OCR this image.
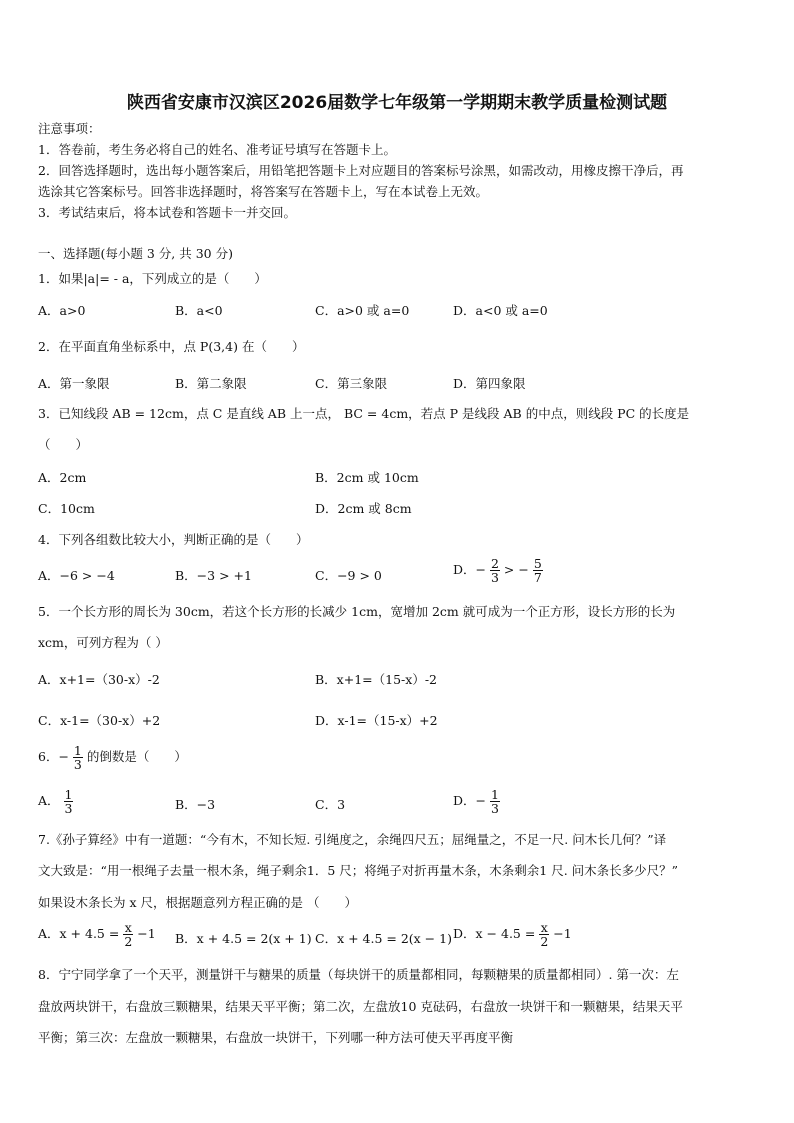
陕西省安康市汉滨区2026届数学七年级第一学期期末教学质量检测试题
注意事项：
1．答卷前，考生务必将自己的姓名、准考证号填写在答题卡上。
2．回答选择题时，选出每小题答案后，用铅笔把答题卡上对应题目的答案标号涂黑，如需改动，用橡皮擦干净后，再
选涂其它答案标号。回答非选择题时，将答案写在答题卡上，写在本试卷上无效。
3．考试结束后，将本试卷和答题卡一并交回。
一、选择题(每小题 3 分, 共 30 分)
1．如果|a|= - a，下列成立的是（　　）
A．a>0	B．a<0	C．a>0 或 a=0	D．a<0 或 a=0
2．在平面直角坐标系中，点 P(3,4) 在（　　）
A．第一象限	B．第二象限	C．第三象限	D．第四象限
3．已知线段 AB = 12cm，点 C 是直线 AB 上一点， BC = 4cm，若点 P 是线段 AB 的中点，则线段 PC 的长度是
（　　）
A．2cm	B．2cm 或 10cm
C．10cm	D．2cm 或 8cm
4．下列各组数比较大小，判断正确的是（　　）
A．−6 > −4	B．−3 > +1	C．−9 > 0	D．− $\frac{2}{3}$ > − $\frac{5}{7}$
5．一个长方形的周长为 30cm，若这个长方形的长减少 1cm，宽增加 2cm 就可成为一个正方形，设长方形的长为
xcm，可列方程为（ ）
A．x+1=（30-x）-2	B．x+1=（15-x）-2
C．x-1=（30-x）+2	D．x-1=（15-x）+2
6．− $\frac{1}{3}$ 的倒数是（　　）
A． $\frac{1}{3}$	B．−3	C．3	D．− $\frac{1}{3}$
7.《孙子算经》中有一道题：“今有木，不知长短. 引绳度之，余绳四尺五；屈绳量之，不足一尺. 问木长几何？”译
文大致是：“用一根绳子去量一根木条，绳子剩余1．5 尺；将绳子对折再量木条，木条剩余1 尺. 问木条长多少尺？”
如果设木条长为 x 尺，根据题意列方程正确的是 （　　）
A．$x + 4.5 = \frac{x}{2} -1$ B．x + 4.5 = 2(x + 1) C．x + 4.5 = 2(x − 1) D．$x - 4.5 = \frac{x}{2} -1$
8．宁宁同学拿了一个天平，测量饼干与糖果的质量（每块饼干的质量都相同，每颗糖果的质量都相同）. 第一次：左
盘放两块饼干，右盘放三颗糖果，结果天平平衡；第二次，左盘放10 克砝码，右盘放一块饼干和一颗糖果，结果天平
平衡；第三次：左盘放一颗糖果，右盘放一块饼干，下列哪一种方法可使天平再度平衡
